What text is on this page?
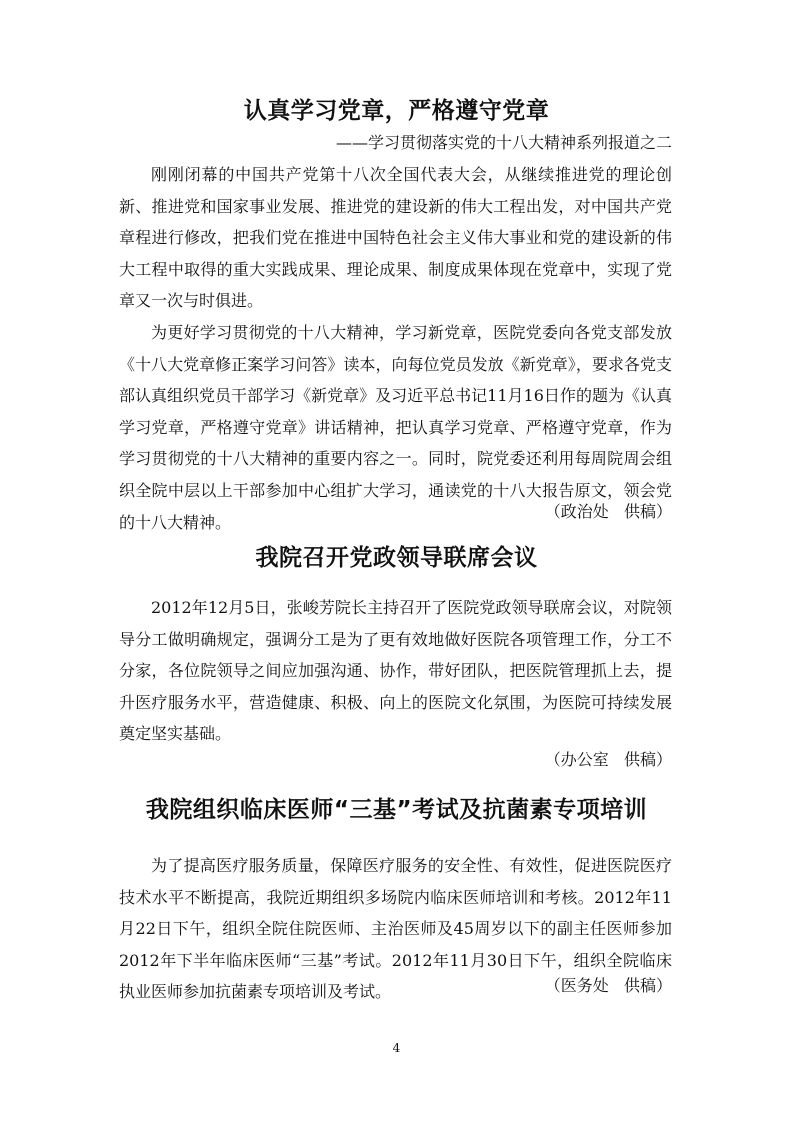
认真学习党章，严格遵守党章
——学习贯彻落实党的十八大精神系列报道之二

刚刚闭幕的中国共产党第十八次全国代表大会，从继续推进党的理论创新、推进党和国家事业发展、推进党的建设新的伟大工程出发，对中国共产党章程进行修改，把我们党在推进中国特色社会主义伟大事业和党的建设新的伟大工程中取得的重大实践成果、理论成果、制度成果体现在党章中，实现了党章又一次与时俱进。

为更好学习贯彻党的十八大精神，学习新党章，医院党委向各党支部发放《十八大党章修正案学习问答》读本，向每位党员发放《新党章》，要求各党支部认真组织党员干部学习《新党章》及习近平总书记11月16日作的题为《认真学习党章，严格遵守党章》讲话精神，把认真学习党章、严格遵守党章，作为学习贯彻党的十八大精神的重要内容之一。同时，院党委还利用每周院周会组织全院中层以上干部参加中心组扩大学习，通读党的十八大报告原文，领会党的十八大精神。

（政治处   供稿）
我院召开党政领导联席会议

2012年12月5日，张峻芳院长主持召开了医院党政领导联席会议，对院领导分工做明确规定，强调分工是为了更有效地做好医院各项管理工作，分工不分家，各位院领导之间应加强沟通、协作，带好团队，把医院管理抓上去，提升医疗服务水平，营造健康、积极、向上的医院文化氛围，为医院可持续发展奠定坚实基础。

（办公室   供稿）
我院组织临床医师“三基”考试及抗菌素专项培训

为了提高医疗服务质量，保障医疗服务的安全性、有效性，促进医院医疗技术水平不断提高，我院近期组织多场院内临床医师培训和考核。2012年11月22日下午，组织全院住院医师、主治医师及45周岁以下的副主任医师参加2012年下半年临床医师“三基”考试。2012年11月30日下午，组织全院临床执业医师参加抗菌素专项培训及考试。	（医务处   供稿）
4
